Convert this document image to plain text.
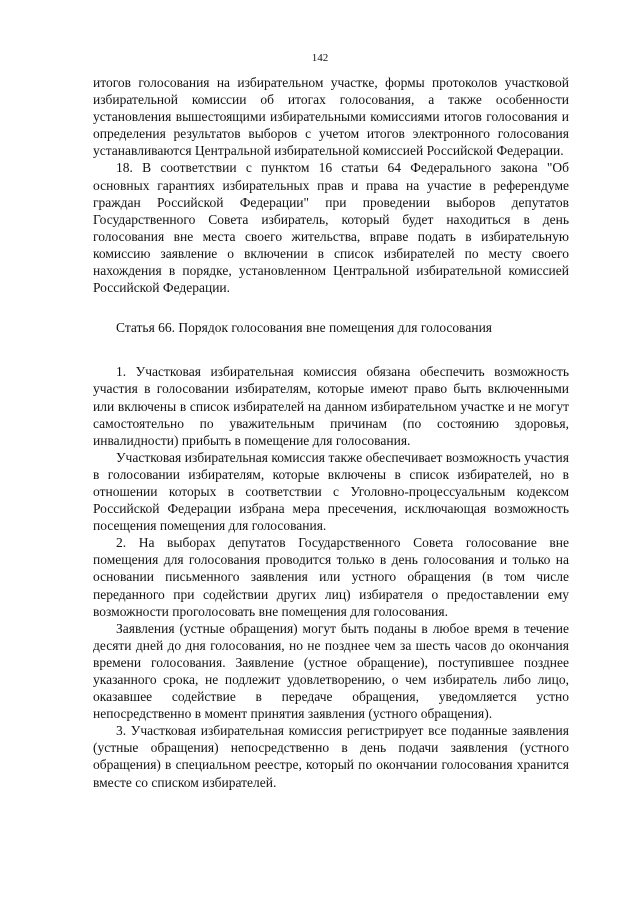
142

итогов голосования на избирательном участке, формы протоколов участковой избирательной комиссии об итогах голосования, а также особенности установления вышестоящими избирательными комиссиями итогов голосования и определения результатов выборов с учетом итогов электронного голосования устанавливаются Центральной избирательной комиссией Российской Федерации.

18. В соответствии с пунктом 16 статьи 64 Федерального закона "Об основных гарантиях избирательных прав и права на участие в референдуме граждан Российской Федерации" при проведении выборов депутатов Государственного Совета избиратель, который будет находиться в день голосования вне места своего жительства, вправе подать в избирательную комиссию заявление о включении в список избирателей по месту своего нахождения в порядке, установленном Центральной избирательной комиссией Российской Федерации.

Статья 66. Порядок голосования вне помещения для голосования

1. Участковая избирательная комиссия обязана обеспечить возможность участия в голосовании избирателям, которые имеют право быть включенными или включены в список избирателей на данном избирательном участке и не могут самостоятельно по уважительным причинам (по состоянию здоровья, инвалидности) прибыть в помещение для голосования.

Участковая избирательная комиссия также обеспечивает возможность участия в голосовании избирателям, которые включены в список избирателей, но в отношении которых в соответствии с Уголовно-процессуальным кодексом Российской Федерации избрана мера пресечения, исключающая возможность посещения помещения для голосования.

2. На выборах депутатов Государственного Совета голосование вне помещения для голосования проводится только в день голосования и только на основании письменного заявления или устного обращения (в том числе переданного при содействии других лиц) избирателя о предоставлении ему возможности проголосовать вне помещения для голосования.

Заявления (устные обращения) могут быть поданы в любое время в течение десяти дней до дня голосования, но не позднее чем за шесть часов до окончания времени голосования. Заявление (устное обращение), поступившее позднее указанного срока, не подлежит удовлетворению, о чем избиратель либо лицо, оказавшее содействие в передаче обращения, уведомляется устно непосредственно в момент принятия заявления (устного обращения).

3. Участковая избирательная комиссия регистрирует все поданные заявления (устные обращения) непосредственно в день подачи заявления (устного обращения) в специальном реестре, который по окончании голосования хранится вместе со списком избирателей.
